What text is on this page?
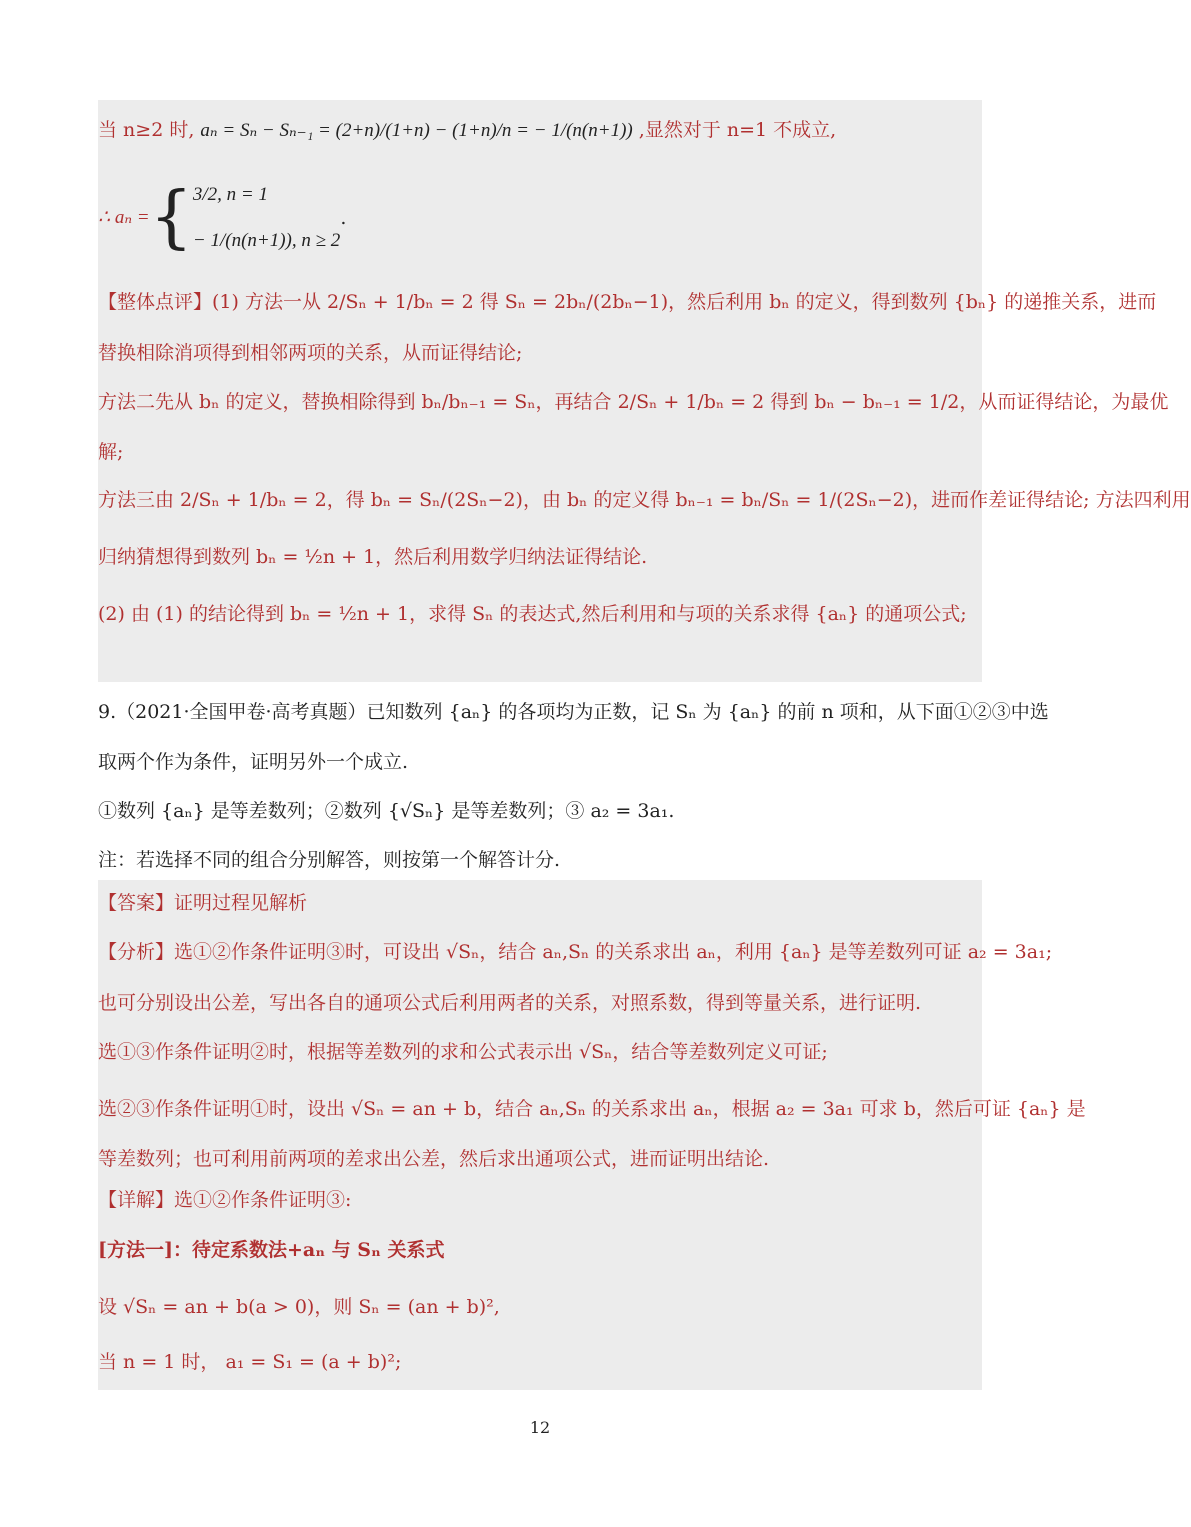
当 n≥2 时, aₙ = Sₙ − Sₙ₋₁ = (2+n)/(1+n) − (1+n)/n = − 1/(n(n+1)) ,显然对于 n=1 不成立,
∴ aₙ = { 3/2, n = 1
− 1/(n(n+1)), n ≥ 2
.
【整体点评】(1) 方法一从 2/Sₙ + 1/bₙ = 2 得 Sₙ = 2bₙ/(2bₙ−1)，然后利用 bₙ 的定义，得到数列 {bₙ} 的递推关系，进而
替换相除消项得到相邻两项的关系，从而证得结论;
方法二先从 bₙ 的定义，替换相除得到 bₙ/bₙ₋₁ = Sₙ，再结合 2/Sₙ + 1/bₙ = 2 得到 bₙ − bₙ₋₁ = 1/2，从而证得结论，为最优
解;
方法三由 2/Sₙ + 1/bₙ = 2，得 bₙ = Sₙ/(2Sₙ−2)，由 bₙ 的定义得 bₙ₋₁ = bₙ/Sₙ = 1/(2Sₙ−2)，进而作差证得结论; 方法四利用
归纳猜想得到数列 bₙ = ½n + 1，然后利用数学归纳法证得结论.
(2) 由 (1) 的结论得到 bₙ = ½n + 1，求得 Sₙ 的表达式,然后利用和与项的关系求得 {aₙ} 的通项公式;
9.（2021·全国甲卷·高考真题）已知数列 {aₙ} 的各项均为正数，记 Sₙ 为 {aₙ} 的前 n 项和，从下面①②③中选
取两个作为条件，证明另外一个成立.
①数列 {aₙ} 是等差数列；②数列 {√Sₙ} 是等差数列；③ a₂ = 3a₁.
注：若选择不同的组合分别解答，则按第一个解答计分.
【答案】证明过程见解析
【分析】选①②作条件证明③时，可设出 √Sₙ，结合 aₙ,Sₙ 的关系求出 aₙ，利用 {aₙ} 是等差数列可证 a₂ = 3a₁;
也可分别设出公差，写出各自的通项公式后利用两者的关系，对照系数，得到等量关系，进行证明.
选①③作条件证明②时，根据等差数列的求和公式表示出 √Sₙ，结合等差数列定义可证;
选②③作条件证明①时，设出 √Sₙ = an + b，结合 aₙ,Sₙ 的关系求出 aₙ，根据 a₂ = 3a₁ 可求 b，然后可证 {aₙ} 是
等差数列；也可利用前两项的差求出公差，然后求出通项公式，进而证明出结论.
【详解】选①②作条件证明③:
[方法一]：待定系数法+aₙ 与 Sₙ 关系式
设 √Sₙ = an + b(a > 0)，则 Sₙ = (an + b)²,
当 n = 1 时， a₁ = S₁ = (a + b)²;
12
